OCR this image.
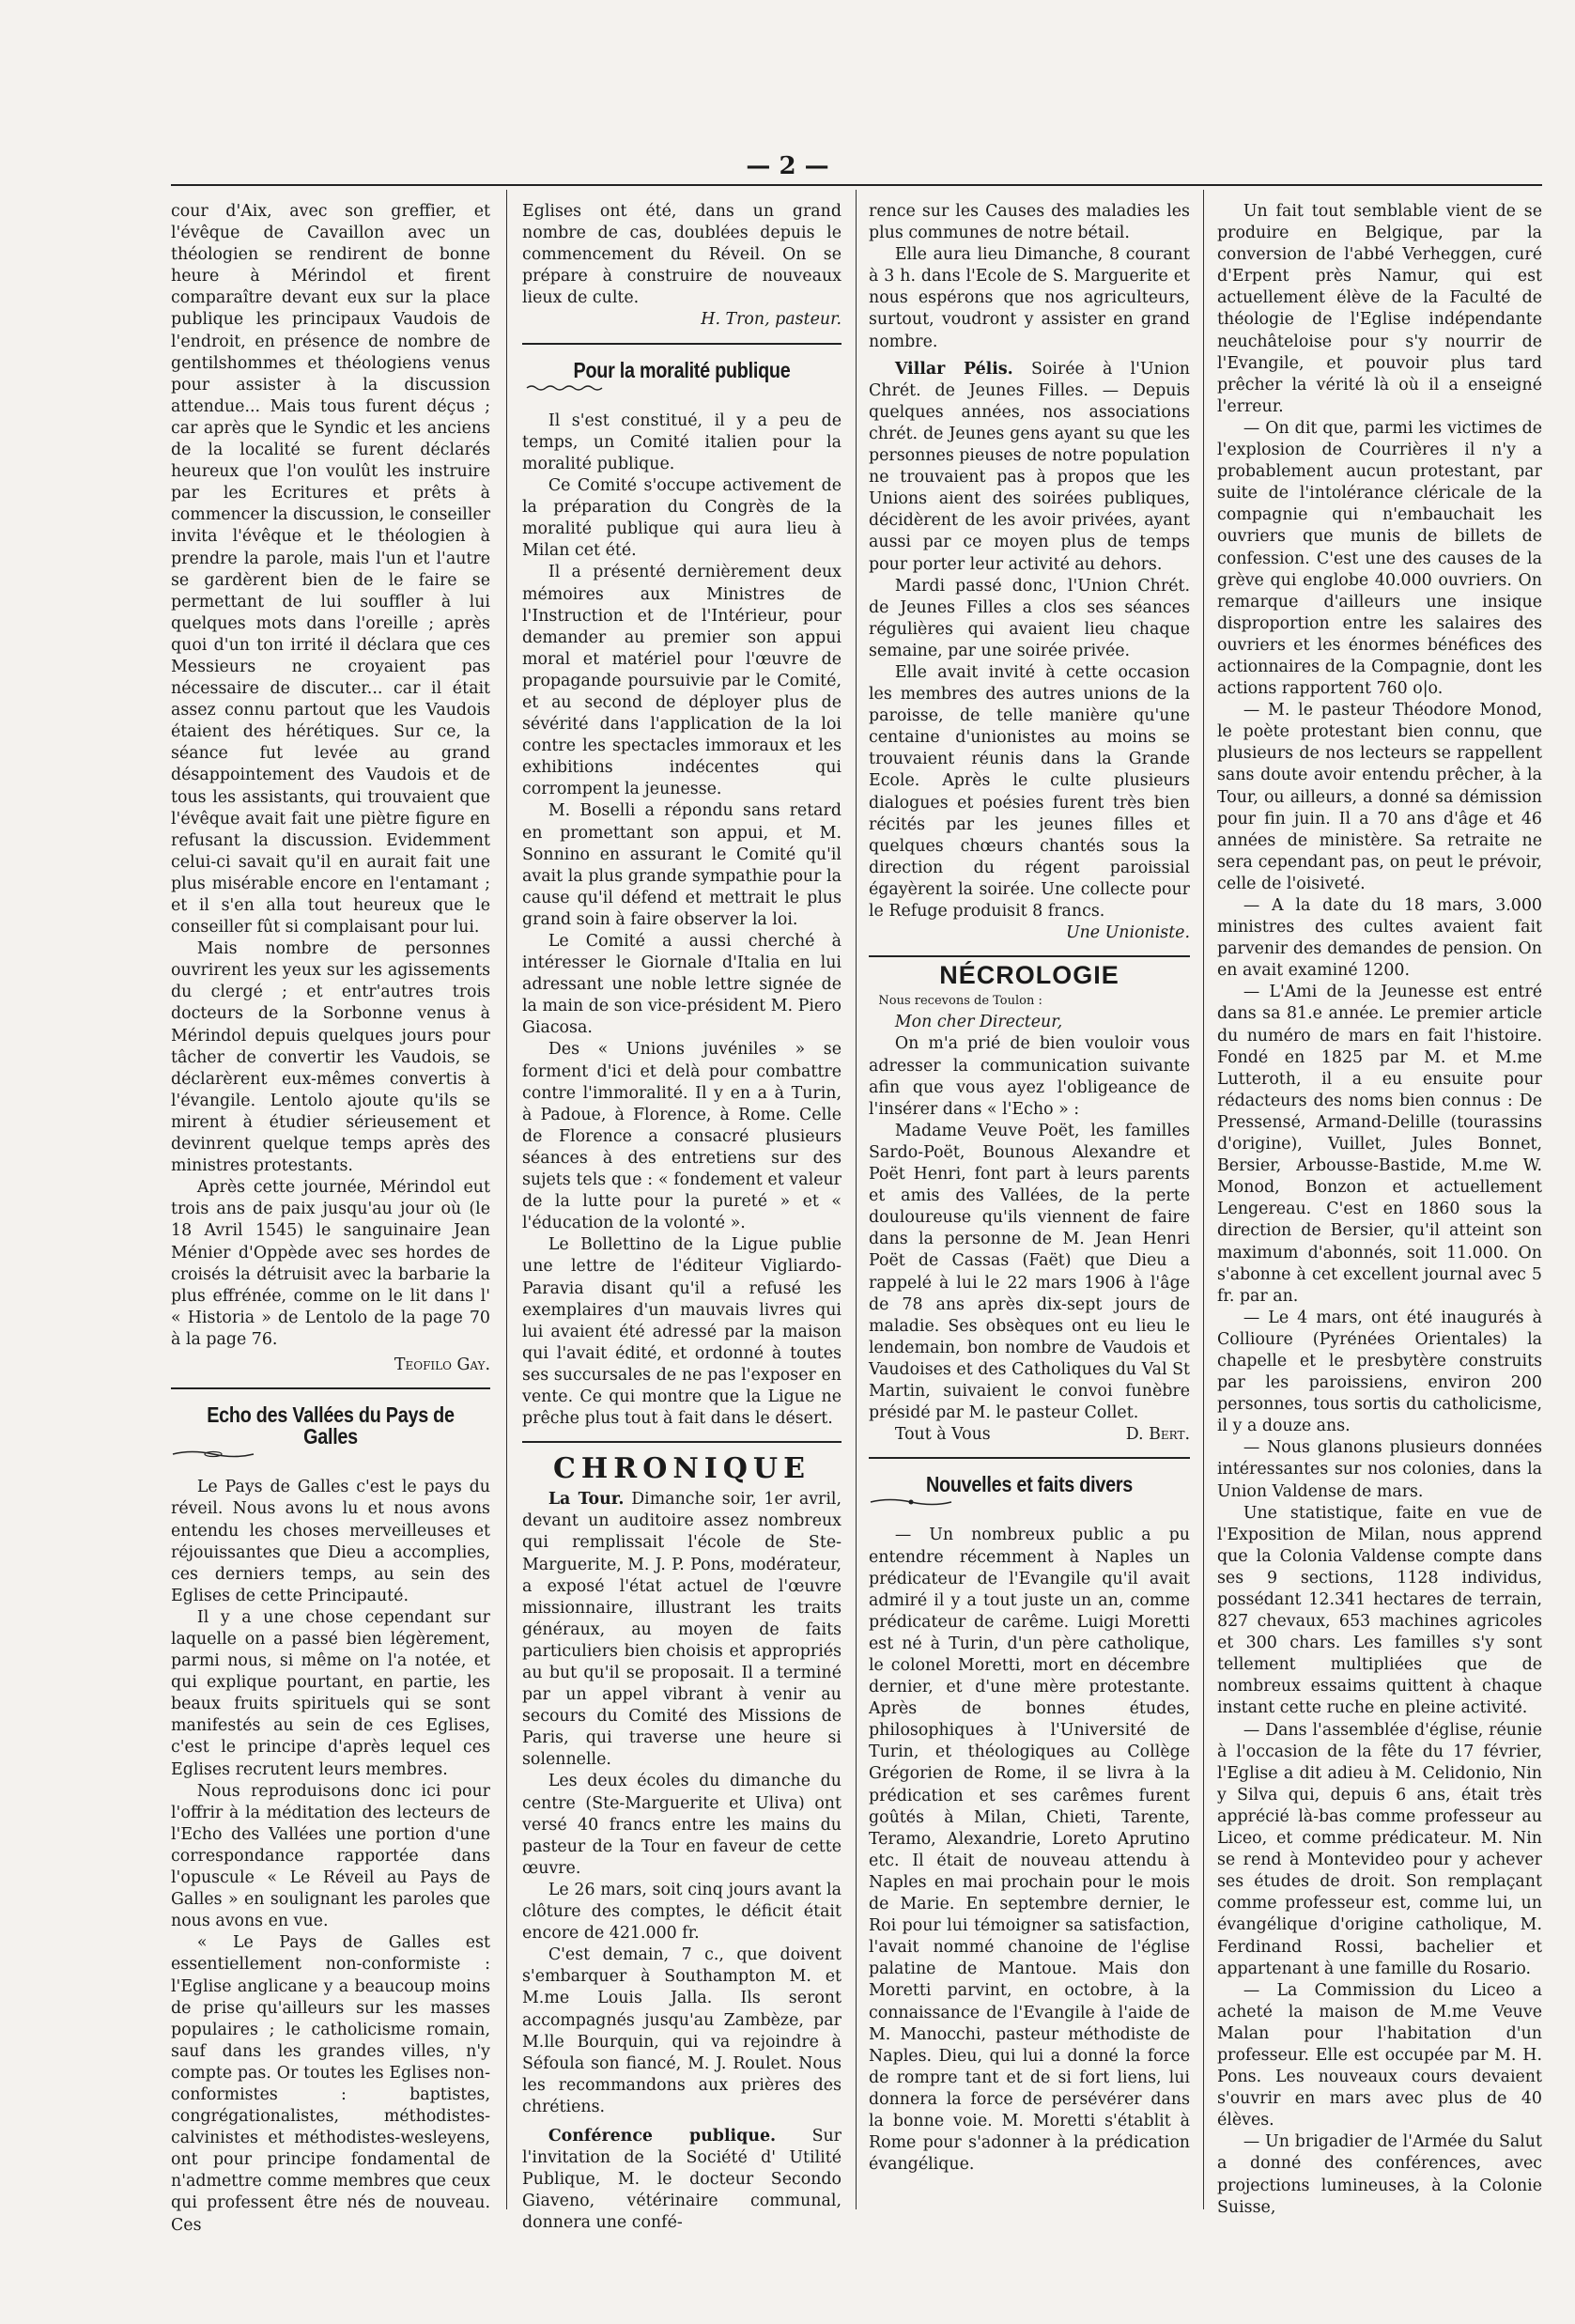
— 2 —

cour d'Aix, avec son greffier, et l'évêque de Cavaillon avec un théologien se rendirent de bonne heure à Mérindol et firent comparaître devant eux sur la place publique les principaux Vaudois de l'endroit, en présence de nombre de gentilshommes et théologiens venus pour assister à la discussion attendue... Mais tous furent déçus ; car après que le Syndic et les anciens de la localité se furent déclarés heureux que l'on voulût les instruire par les Ecritures et prêts à commencer la discussion, le conseiller invita l'évêque et le théologien à prendre la parole, mais l'un et l'autre se gardèrent bien de le faire se permettant de lui souffler à lui quelques mots dans l'oreille ; après quoi d'un ton irrité il déclara que ces Messieurs ne croyaient pas nécessaire de discuter... car il était assez connu partout que les Vaudois étaient des hérétiques. Sur ce, la séance fut levée au grand désappointement des Vaudois et de tous les assistants, qui trouvaient que l'évêque avait fait une piètre figure en refusant la discussion. Evidemment celui-ci savait qu'il en aurait fait une plus misérable encore en l'entamant ; et il s'en alla tout heureux que le conseiller fût si complaisant pour lui.

Mais nombre de personnes ouvrirent les yeux sur les agissements du clergé ; et entr'autres trois docteurs de la Sorbonne venus à Mérindol depuis quelques jours pour tâcher de convertir les Vaudois, se déclarèrent eux-mêmes convertis à l'évangile. Lentolo ajoute qu'ils se mirent à étudier sérieusement et devinrent quelque temps après des ministres protestants.

Après cette journée, Mérindol eut trois ans de paix jusqu'au jour où (le 18 Avril 1545) le sanguinaire Jean Ménier d'Oppède avec ses hordes de croisés la détruisit avec la barbarie la plus effrénée, comme on le lit dans l' « Historia » de Lentolo de la page 70 à la page 76.

Teofilo Gay.

Echo des Vallées du Pays de Galles

Le Pays de Galles c'est le pays du réveil. Nous avons lu et nous avons entendu les choses merveilleuses et réjouissantes que Dieu a accomplies, ces derniers temps, au sein des Eglises de cette Principauté.

Il y a une chose cependant sur laquelle on a passé bien légèrement, parmi nous, si même on l'a notée, et qui explique pourtant, en partie, les beaux fruits spirituels qui se sont manifestés au sein de ces Eglises, c'est le principe d'après lequel ces Eglises recrutent leurs membres.

Nous reproduisons donc ici pour l'offrir à la méditation des lecteurs de l'Echo des Vallées une portion d'une correspondance rapportée dans l'opuscule « Le Réveil au Pays de Galles » en soulignant les paroles que nous avons en vue.

« Le Pays de Galles est essentiellement non-conformiste : l'Eglise anglicane y a beaucoup moins de prise qu'ailleurs sur les masses populaires ; le catholicisme romain, sauf dans les grandes villes, n'y compte pas. Or toutes les Eglises non-conformistes : baptistes, congrégationalistes, méthodistes-calvinistes et méthodistes-wesleyens, ont pour principe fondamental de n'admettre comme membres que ceux qui professent être nés de nouveau. Ces

Eglises ont été, dans un grand nombre de cas, doublées depuis le commencement du Réveil. On se prépare à construire de nouveaux lieux de culte.

H. Tron, pasteur.

Pour la moralité publique

Il s'est constitué, il y a peu de temps, un Comité italien pour la moralité publique.

Ce Comité s'occupe activement de la préparation du Congrès de la moralité publique qui aura lieu à Milan cet été.

Il a présenté dernièrement deux mémoires aux Ministres de l'Instruction et de l'Intérieur, pour demander au premier son appui moral et matériel pour l'œuvre de propagande poursuivie par le Comité, et au second de déployer plus de sévérité dans l'application de la loi contre les spectacles immoraux et les exhibitions indécentes qui corrompent la jeunesse.

M. Boselli a répondu sans retard en promettant son appui, et M. Sonnino en assurant le Comité qu'il avait la plus grande sympathie pour la cause qu'il défend et mettrait le plus grand soin à faire observer la loi.

Le Comité a aussi cherché à intéresser le Giornale d'Italia en lui adressant une noble lettre signée de la main de son vice-président M. Piero Giacosa.

Des « Unions juvéniles » se forment d'ici et delà pour combattre contre l'immoralité. Il y en a à Turin, à Padoue, à Florence, à Rome. Celle de Florence a consacré plusieurs séances à des entretiens sur des sujets tels que : « fondement et valeur de la lutte pour la pureté » et « l'éducation de la volonté ».

Le Bollettino de la Ligue publie une lettre de l'éditeur Vigliardo-Paravia disant qu'il a refusé les exemplaires d'un mauvais livres qui lui avaient été adressé par la maison qui l'avait édité, et ordonné à toutes ses succursales de ne pas l'exposer en vente. Ce qui montre que la Ligue ne prêche plus tout à fait dans le désert.

CHRONIQUE

La Tour. Dimanche soir, 1er avril, devant un auditoire assez nombreux qui remplissait l'école de Ste-Marguerite, M. J. P. Pons, modérateur, a exposé l'état actuel de l'œuvre missionnaire, illustrant les traits généraux, au moyen de faits particuliers bien choisis et appropriés au but qu'il se proposait. Il a terminé par un appel vibrant à venir au secours du Comité des Missions de Paris, qui traverse une heure si solennelle.

Les deux écoles du dimanche du centre (Ste-Marguerite et Uliva) ont versé 40 francs entre les mains du pasteur de la Tour en faveur de cette œuvre.

Le 26 mars, soit cinq jours avant la clôture des comptes, le déficit était encore de 421.000 fr.

C'est demain, 7 c., que doivent s'embarquer à Southampton M. et M.me Louis Jalla. Ils seront accompagnés jusqu'au Zambèze, par M.lle Bourquin, qui va rejoindre à Séfoula son fiancé, M. J. Roulet. Nous les recommandons aux prières des chrétiens.

Conférence publique. Sur l'invitation de la Société d' Utilité Publique, M. le docteur Secondo Giaveno, vétérinaire communal, donnera une confé-

rence sur les Causes des maladies les plus communes de notre bétail.

Elle aura lieu Dimanche, 8 courant à 3 h. dans l'Ecole de S. Marguerite et nous espérons que nos agriculteurs, surtout, voudront y assister en grand nombre.

Villar Pélis. Soirée à l'Union Chrét. de Jeunes Filles. — Depuis quelques années, nos associations chrét. de Jeunes gens ayant su que les personnes pieuses de notre population ne trouvaient pas à propos que les Unions aient des soirées publiques, décidèrent de les avoir privées, ayant aussi par ce moyen plus de temps pour porter leur activité au dehors.

Mardi passé donc, l'Union Chrét. de Jeunes Filles a clos ses séances régulières qui avaient lieu chaque semaine, par une soirée privée.

Elle avait invité à cette occasion les membres des autres unions de la paroisse, de telle manière qu'une centaine d'unionistes au moins se trouvaient réunis dans la Grande Ecole. Après le culte plusieurs dialogues et poésies furent très bien récités par les jeunes filles et quelques chœurs chantés sous la direction du régent paroissial égayèrent la soirée. Une collecte pour le Refuge produisit 8 francs.

Une Unioniste.

NÉCROLOGIE

Nous recevons de Toulon :

Mon cher Directeur,

On m'a prié de bien vouloir vous adresser la communication suivante afin que vous ayez l'obligeance de l'insérer dans « l'Echo » :

Madame Veuve Poët, les familles Sardo-Poët, Bounous Alexandre et Poët Henri, font part à leurs parents et amis des Vallées, de la perte douloureuse qu'ils viennent de faire dans la personne de M. Jean Henri Poët de Cassas (Faët) que Dieu a rappelé à lui le 22 mars 1906 à l'âge de 78 ans après dix-sept jours de maladie. Ses obsèques ont eu lieu le lendemain, bon nombre de Vaudois et Vaudoises et des Catholiques du Val St Martin, suivaient le convoi funèbre présidé par M. le pasteur Collet.

Tout à Vous	D. Bert.

Nouvelles et faits divers

— Un nombreux public a pu entendre récemment à Naples un prédicateur de l'Evangile qu'il avait admiré il y a tout juste un an, comme prédicateur de carême. Luigi Moretti est né à Turin, d'un père catholique, le colonel Moretti, mort en décembre dernier, et d'une mère protestante. Après de bonnes études, philosophiques à l'Université de Turin, et théologiques au Collège Grégorien de Rome, il se livra à la prédication et ses carêmes furent goûtés à Milan, Chieti, Tarente, Teramo, Alexandrie, Loreto Aprutino etc. Il était de nouveau attendu à Naples en mai prochain pour le mois de Marie. En septembre dernier, le Roi pour lui témoigner sa satisfaction, l'avait nommé chanoine de l'église palatine de Mantoue. Mais don Moretti parvint, en octobre, à la connaissance de l'Evangile à l'aide de M. Manocchi, pasteur méthodiste de Naples. Dieu, qui lui a donné la force de rompre tant et de si fort liens, lui donnera la force de persévérer dans la bonne voie. M. Moretti s'établit à Rome pour s'adonner à la prédication évangélique.

Un fait tout semblable vient de se produire en Belgique, par la conversion de l'abbé Verheggen, curé d'Erpent près Namur, qui est actuellement élève de la Faculté de théologie de l'Eglise indépendante neuchâteloise pour s'y nourrir de l'Evangile, et pouvoir plus tard prêcher la vérité là où il a enseigné l'erreur.

— On dit que, parmi les victimes de l'explosion de Courrières il n'y a probablement aucun protestant, par suite de l'intolérance cléricale de la compagnie qui n'embauchait les ouvriers que munis de billets de confession. C'est une des causes de la grève qui englobe 40.000 ouvriers. On remarque d'ailleurs une insique disproportion entre les salaires des ouvriers et les énormes bénéfices des actionnaires de la Compagnie, dont les actions rapportent 760 o|o.

— M. le pasteur Théodore Monod, le poète protestant bien connu, que plusieurs de nos lecteurs se rappellent sans doute avoir entendu prêcher, à la Tour, ou ailleurs, a donné sa démission pour fin juin. Il a 70 ans d'âge et 46 années de ministère. Sa retraite ne sera cependant pas, on peut le prévoir, celle de l'oisiveté.

— A la date du 18 mars, 3.000 ministres des cultes avaient fait parvenir des demandes de pension. On en avait examiné 1200.

— L'Ami de la Jeunesse est entré dans sa 81.e année. Le premier article du numéro de mars en fait l'histoire. Fondé en 1825 par M. et M.me Lutteroth, il a eu ensuite pour rédacteurs des noms bien connus : De Pressensé, Armand-Delille (tourassins d'origine), Vuillet, Jules Bonnet, Bersier, Arbousse-Bastide, M.me W. Monod, Bonzon et actuellement Lengereau. C'est en 1860 sous la direction de Bersier, qu'il atteint son maximum d'abonnés, soit 11.000. On s'abonne à cet excellent journal avec 5 fr. par an.

— Le 4 mars, ont été inaugurés à Collioure (Pyrénées Orientales) la chapelle et le presbytère construits par les paroissiens, environ 200 personnes, tous sortis du catholicisme, il y a douze ans.

— Nous glanons plusieurs données intéressantes sur nos colonies, dans la Union Valdense de mars.

Une statistique, faite en vue de l'Exposition de Milan, nous apprend que la Colonia Valdense compte dans ses 9 sections, 1128 individus, possédant 12.341 hectares de terrain, 827 chevaux, 653 machines agricoles et 300 chars. Les familles s'y sont tellement multipliées que de nombreux essaims quittent à chaque instant cette ruche en pleine activité.

— Dans l'assemblée d'église, réunie à l'occasion de la fête du 17 février, l'Eglise a dit adieu à M. Celidonio, Nin y Silva qui, depuis 6 ans, était très apprécié là-bas comme professeur au Liceo, et comme prédicateur. M. Nin se rend à Montevideo pour y achever ses études de droit. Son remplaçant comme professeur est, comme lui, un évangélique d'origine catholique, M. Ferdinand Rossi, bachelier et appartenant à une famille du Rosario.

— La Commission du Liceo a acheté la maison de M.me Veuve Malan pour l'habitation d'un professeur. Elle est occupée par M. H. Pons. Les nouveaux cours devaient s'ouvrir en mars avec plus de 40 élèves.

— Un brigadier de l'Armée du Salut a donné des conférences, avec projections lumineuses, à la Colonie Suisse,
